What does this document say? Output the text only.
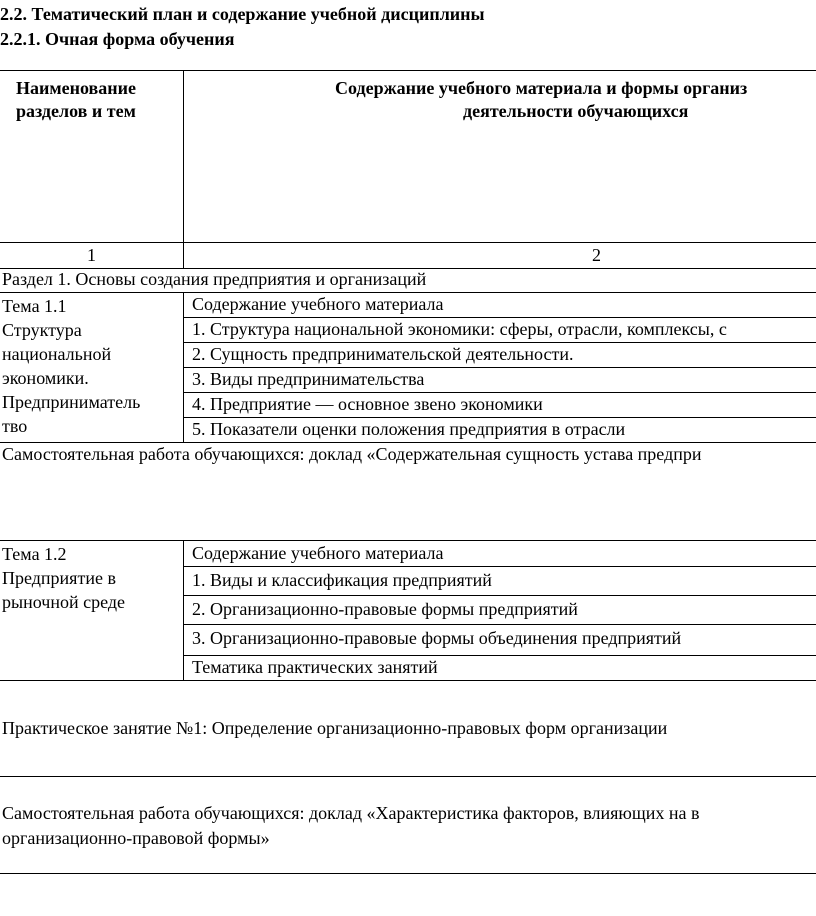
2.2. Тематический план и содержание учебной дисциплины
2.2.1. Очная форма обучения
Наименование
разделов и тем
Содержание учебного материала и формы организ
деятельности обучающихся
1	2
Раздел 1. Основы создания предприятия и организаций
Тема 1.1
Структура
национальной
экономики.
Предприниматель
тво
Содержание учебного материала
1. Структура национальной экономики: сферы, отрасли, комплексы, с
2. Сущность предпринимательской деятельности.
3. Виды предпринимательства
4. Предприятие — основное звено экономики
5. Показатели оценки положения предприятия в отрасли
Самостоятельная работа обучающихся: доклад «Содержательная сущность устава предпри
Тема 1.2
Предприятие в
рыночной среде
Содержание учебного материала
1. Виды и классификация предприятий
2. Организационно-правовые формы предприятий
3. Организационно-правовые формы объединения предприятий
Тематика практических занятий
Практическое занятие №1: Определение организационно-правовых форм организации
Самостоятельная работа обучающихся: доклад «Характеристика факторов, влияющих на в
организационно-правовой формы»
